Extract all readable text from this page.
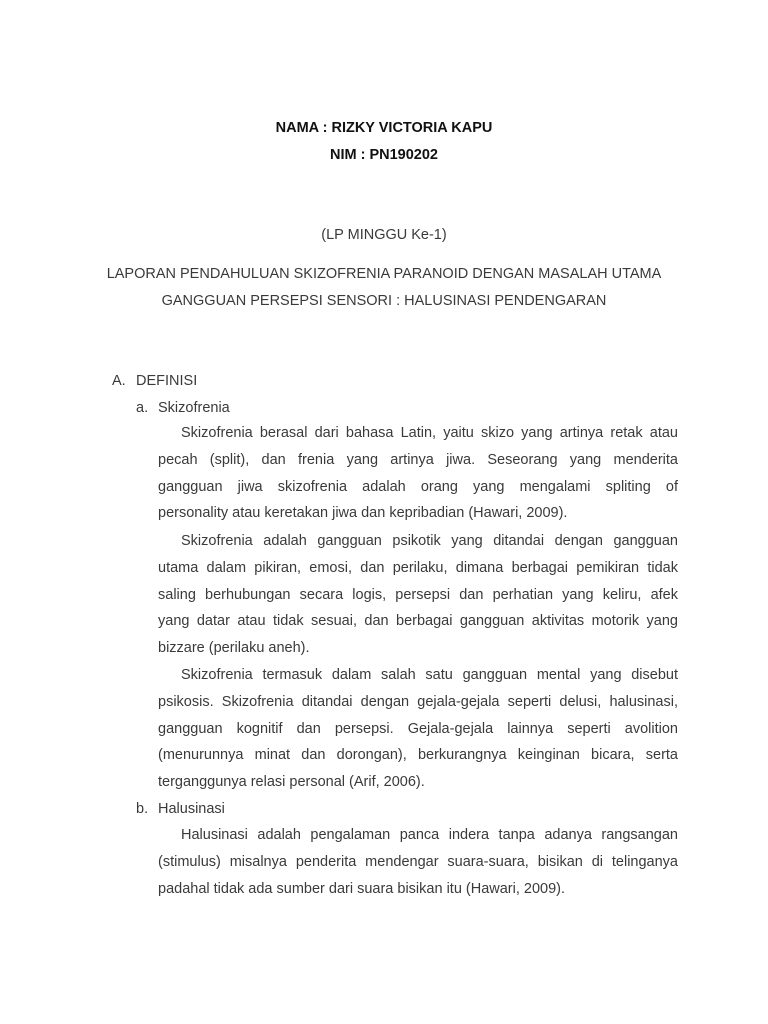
NAMA : RIZKY VICTORIA KAPU
NIM : PN190202
(LP MINGGU Ke-1)
LAPORAN PENDAHULUAN SKIZOFRENIA PARANOID DENGAN MASALAH UTAMA
GANGGUAN PERSEPSI SENSORI : HALUSINASI PENDENGARAN
A. DEFINISI
a. Skizofrenia
Skizofrenia berasal dari bahasa Latin, yaitu skizo yang artinya retak atau
pecah (split), dan frenia yang artinya jiwa. Seseorang yang menderita
gangguan jiwa skizofrenia adalah orang yang mengalami spliting of
personality atau keretakan jiwa dan kepribadian (Hawari, 2009).
Skizofrenia adalah gangguan psikotik yang ditandai dengan gangguan
utama dalam pikiran, emosi, dan perilaku, dimana berbagai pemikiran tidak
saling berhubungan secara logis, persepsi dan perhatian yang keliru, afek
yang datar atau tidak sesuai, dan berbagai gangguan aktivitas motorik yang
bizzare (perilaku aneh).
Skizofrenia termasuk dalam salah satu gangguan mental yang disebut
psikosis. Skizofrenia ditandai dengan gejala-gejala seperti delusi, halusinasi,
gangguan kognitif dan persepsi. Gejala-gejala lainnya seperti avolition
(menurunnya minat dan dorongan), berkurangnya keinginan bicara, serta
terganggunya relasi personal (Arif, 2006).
b. Halusinasi
Halusinasi adalah pengalaman panca indera tanpa adanya rangsangan
(stimulus) misalnya penderita mendengar suara-suara, bisikan di telinganya
padahal tidak ada sumber dari suara bisikan itu (Hawari, 2009).
